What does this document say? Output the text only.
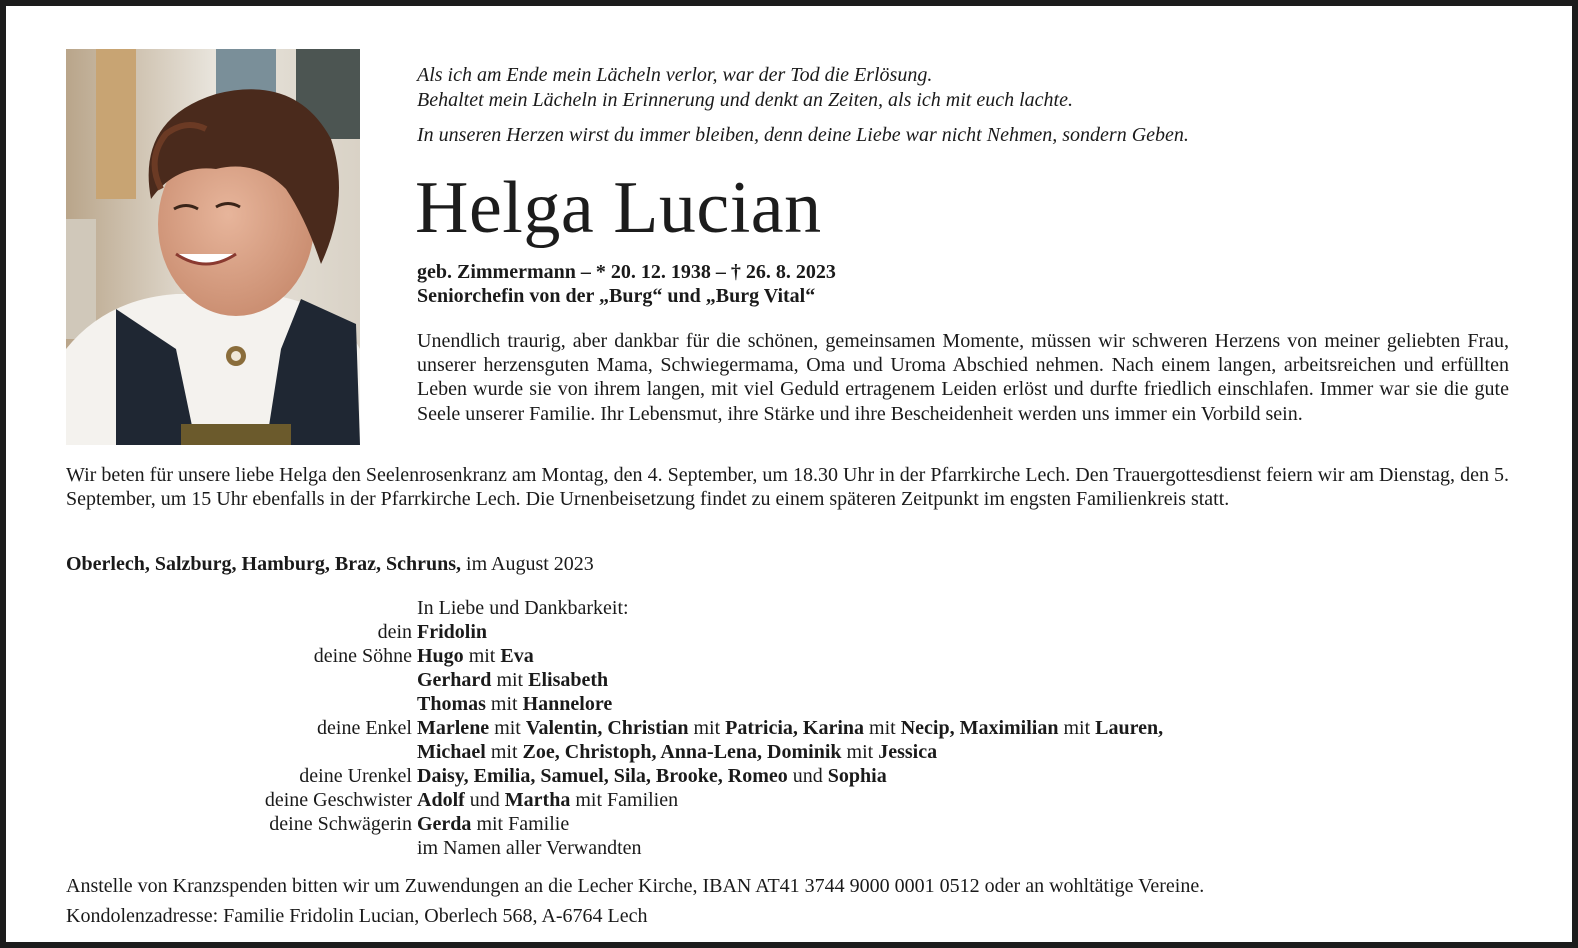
Als ich am Ende mein Lächeln verlor, war der Tod die Erlösung.
Behaltet mein Lächeln in Erinnerung und denkt an Zeiten, als ich mit euch lachte.
In unseren Herzen wirst du immer bleiben, denn deine Liebe war nicht Nehmen, sondern Geben.
Helga Lucian
geb. Zimmermann – * 20. 12. 1938 – † 26. 8. 2023
Seniorchefin von der „Burg“ und „Burg Vital“
Unendlich traurig, aber dankbar für die schönen, gemeinsamen Momente, müssen wir schweren Herzens von meiner geliebten Frau, unserer herzensguten Mama, Schwiegermama, Oma und Uroma Abschied nehmen. Nach einem langen, arbeitsreichen und erfüllten Leben wurde sie von ihrem langen, mit viel Geduld ertragenem Leiden erlöst und durfte friedlich einschlafen. Immer war sie die gute Seele unserer Familie. Ihr Lebensmut, ihre Stärke und ihre Bescheidenheit werden uns immer ein Vorbild sein.
Wir beten für unsere liebe Helga den Seelenrosenkranz am Montag, den 4. September, um 18.30 Uhr in der Pfarrkirche Lech. Den Trauergottesdienst feiern wir am Dienstag, den 5. September, um 15 Uhr ebenfalls in der Pfarrkirche Lech. Die Urnenbeisetzung findet zu einem späteren Zeitpunkt im engsten Familienkreis statt.
Oberlech, Salzburg, Hamburg, Braz, Schruns, im August 2023
In Liebe und Dankbarkeit:
dein Fridolin
deine Söhne Hugo mit Eva
Gerhard mit Elisabeth
Thomas mit Hannelore
deine Enkel Marlene mit Valentin, Christian mit Patricia, Karina mit Necip, Maximilian mit Lauren,
Michael mit Zoe, Christoph, Anna-Lena, Dominik mit Jessica
deine Urenkel Daisy, Emilia, Samuel, Sila, Brooke, Romeo und Sophia
deine Geschwister Adolf und Martha mit Familien
deine Schwägerin Gerda mit Familie
im Namen aller Verwandten
Anstelle von Kranzspenden bitten wir um Zuwendungen an die Lecher Kirche, IBAN AT41 3744 9000 0001 0512 oder an wohltätige Vereine.
Kondolenzadresse: Familie Fridolin Lucian, Oberlech 568, A-6764 Lech
